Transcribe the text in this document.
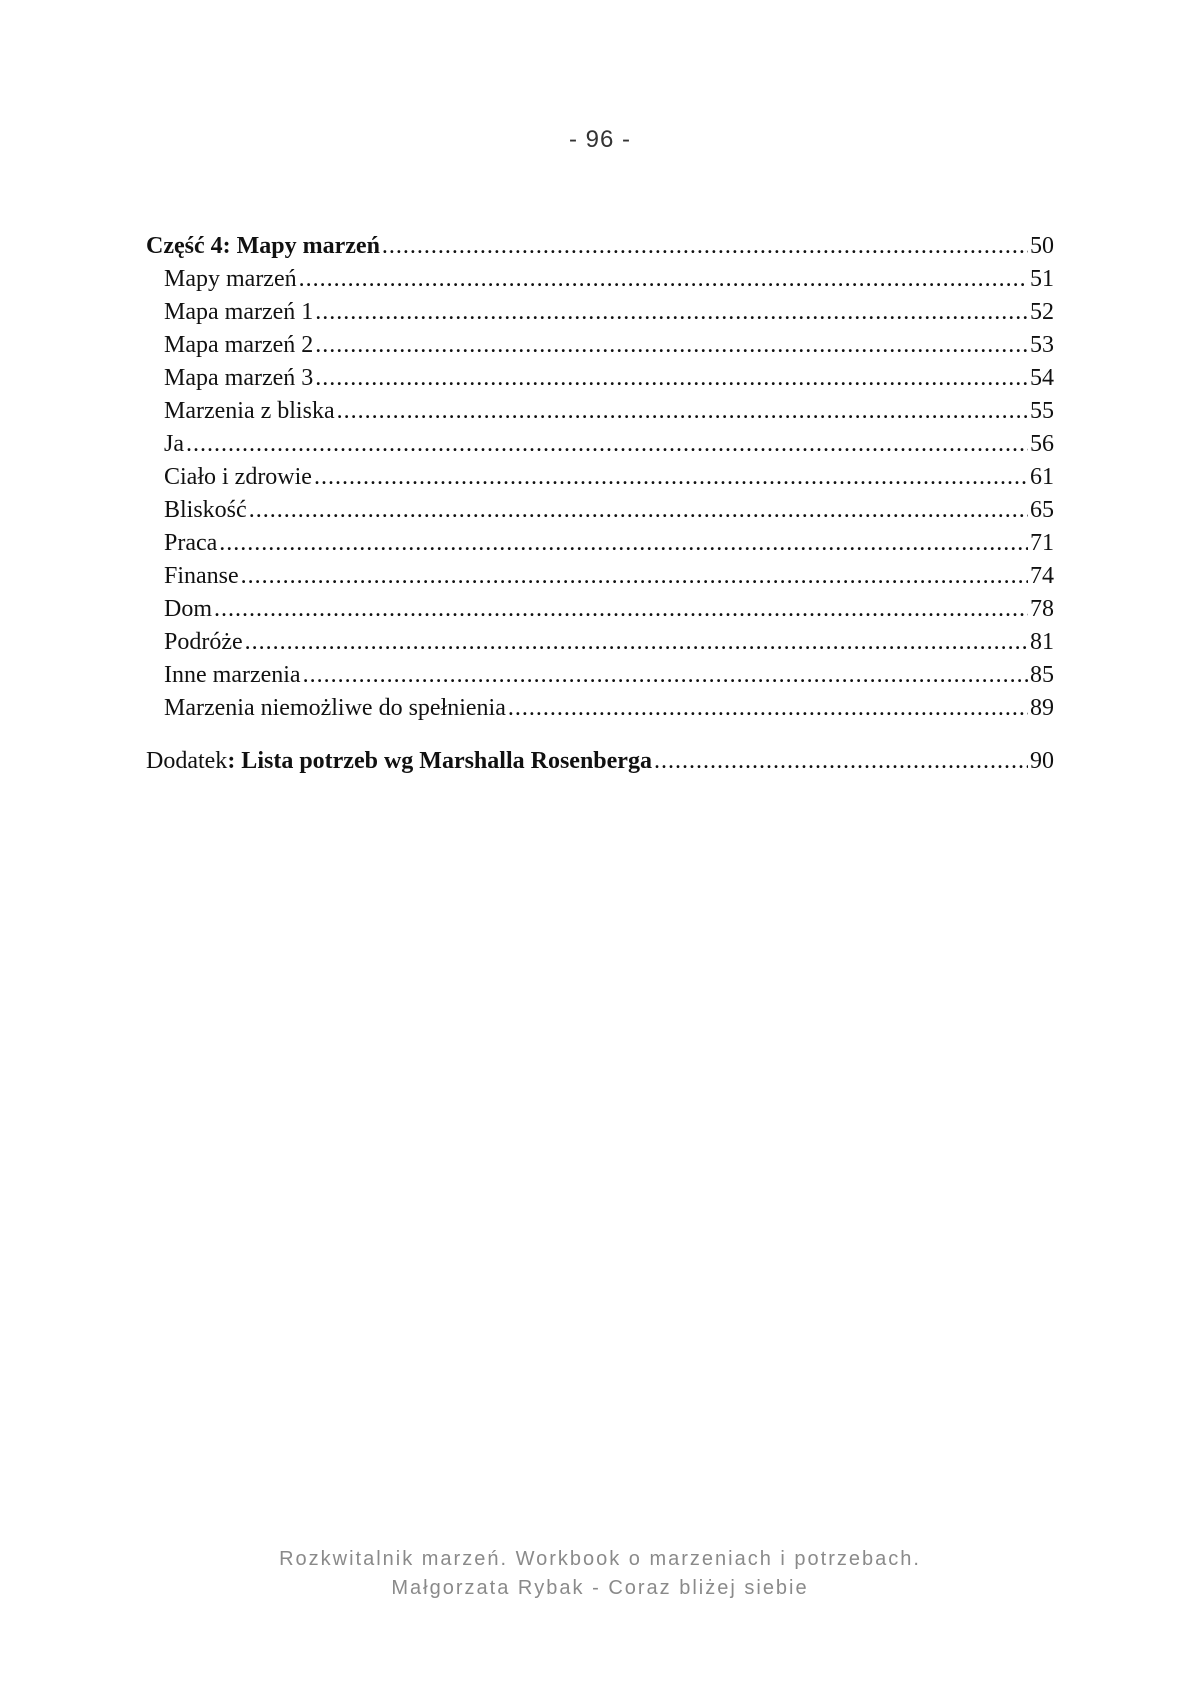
- 96 -
Część 4: Mapy marzeń .....	50
Mapy marzeń .....	51
Mapa marzeń 1 .....	52
Mapa marzeń 2 .....	53
Mapa marzeń 3 .....	54
Marzenia z bliska .....	55
Ja .....	56
Ciało i zdrowie .....	61
Bliskość .....	65
Praca .....	71
Finanse .....	74
Dom .....	78
Podróże .....	81
Inne marzenia .....	85
Marzenia niemożliwe do spełnienia .....	89
Dodatek: Lista potrzeb wg Marshalla Rosenberga .....	90
Rozkwitalnik marzeń. Workbook o marzeniach i potrzebach.
Małgorzata Rybak - Coraz bliżej siebie
